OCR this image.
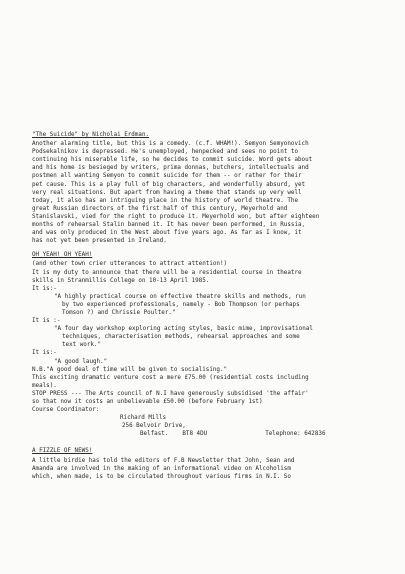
"The Suicide" by Nicholai Erdman.
Another alarming title, but this is a comedy. (c.f. WHAM!). Semyon Semyonovich
Podsekalnikov is depressed. He's unemployed, henpecked and sees no point to
continuing his miserable life, so he decides to commit suicide. Word gets about
and his home is besieged by writers, prima donnas, butchers, intellectuals and
postmen all wanting Semyon to commit suicide for them -- or rather for their
pet cause. This is a play full of big characters, and wonderfully absurd, yet
very real situations. But apart from having a theme that stands up very well
today, it also has an intriguing place in the history of world theatre. The
great Russian directors of the first half of this century, Meyerhold and
Stanislavski, vied for the right to produce it. Meyerhold won, but after eighteen
months of rehearsal Stalin banned it. It has never been performed, in Russia,
and was only produced in the West about five years ago. As far as I know, it
has not yet been presented in Ireland.
OH YEAH! OH YEAH!
(and other town crier utterances to attract attention!)
It is my duty to announce that there will be a residential course in theatre
skills in Stranmillis College on 10-13 April 1985.
It is:-
"A highly practical course on effective theatre skills and methods, run
by two experienced professionals, namely - Bob Thompson (or perhaps
Tomson ?) and Chrissie Poulter."
It is :-
"A four day workshop exploring acting styles, basic mime, improvisational
techniques, characterisation methods, rehearsal approaches and some
text work."
It is:-
"A good laugh."
N.B."A good deal of time will be given to socialising."
This exciting dramatic venture cost a mere £75.00 (residential costs including
meals).
STOP PRESS --- The Arts council of N.I have generously subsidised 'the affair'
so that now it costs an unbelievable £50.00 (before February 1st)
Course Coordinator:
Richard Mills
256 Belvoir Drive,
Belfast. BT8 4DU	Telephone: 642836
A FIZZLE OF NEWS!
A little birdie has told the editors of F.B Newsletter that John, Sean and
Amanda are involved in the making of an informational video on Alcoholism
which, when made, is to be circulated throughout various firms in N.I. So
